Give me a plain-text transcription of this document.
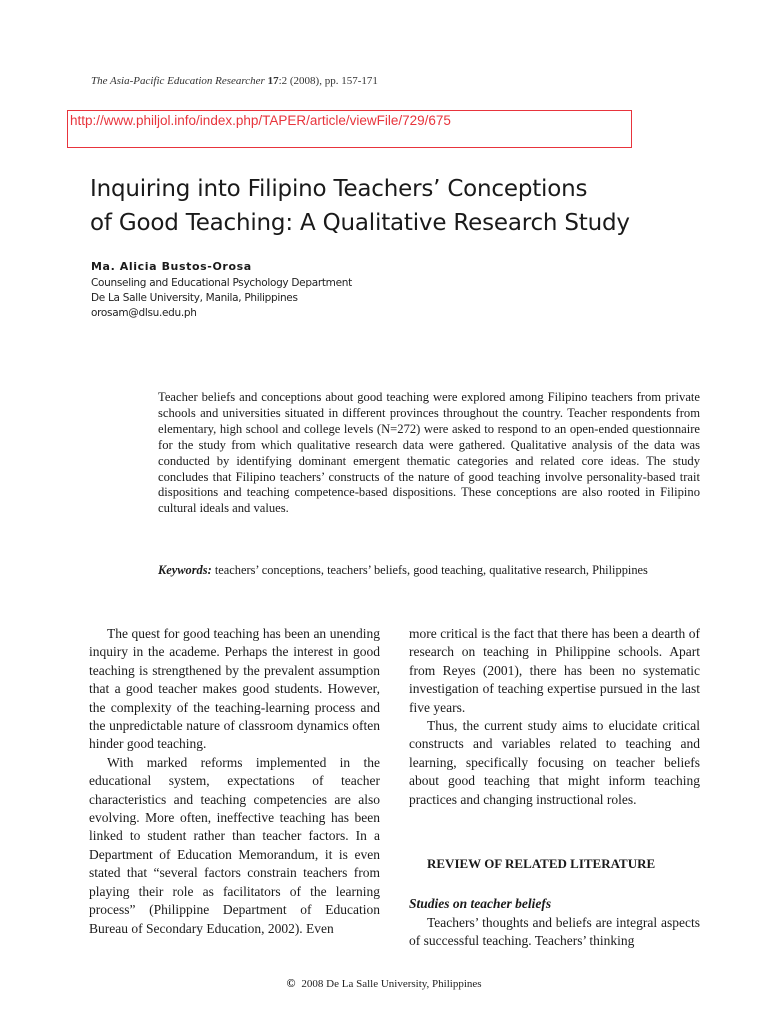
The Asia-Pacific Education Researcher 17:2 (2008), pp. 157-171
http://www.philjol.info/index.php/TAPER/article/viewFile/729/675
Inquiring into Filipino Teachers’ Conceptions
of Good Teaching: A Qualitative Research Study
Ma. Alicia Bustos-Orosa
Counseling and Educational Psychology Department
De La Salle University, Manila, Philippines
orosam@dlsu.edu.ph

Teacher beliefs and conceptions about good teaching were explored among Filipino teachers from private schools and universities situated in different provinces throughout the country. Teacher respondents from elementary, high school and college levels (N=272) were asked to respond to an open-ended questionnaire for the study from which qualitative research data were gathered. Qualitative analysis of the data was conducted by identifying dominant emergent thematic categories and related core ideas. The study concludes that Filipino teachers’ constructs of the nature of good teaching involve personality-based trait dispositions and teaching competence-based dispositions. These conceptions are also rooted in Filipino cultural ideals and values.

Keywords: teachers’ conceptions, teachers’ beliefs, good teaching, qualitative research, Philippines

The quest for good teaching has been an unending inquiry in the academe. Perhaps the interest in good teaching is strengthened by the prevalent assumption that a good teacher makes good students. However, the complexity of the teaching-learning process and the unpredictable nature of classroom dynamics often hinder good teaching.

With marked reforms implemented in the educational system, expectations of teacher characteristics and teaching competencies are also evolving. More often, ineffective teaching has been linked to student rather than teacher factors. In a Department of Education Memorandum, it is even stated that “several factors constrain teachers from playing their role as facilitators of the learning process” (Philippine Department of Education Bureau of Secondary Education, 2002). Even

more critical is the fact that there has been a dearth of research on teaching in Philippine schools. Apart from Reyes (2001), there has been no systematic investigation of teaching expertise pursued in the last five years.

Thus, the current study aims to elucidate critical constructs and variables related to teaching and learning, specifically focusing on teacher beliefs about good teaching that might inform teaching practices and changing instructional roles.

REVIEW OF RELATED LITERATURE

Studies on teacher beliefs

Teachers’ thoughts and beliefs are integral aspects of successful teaching. Teachers’ thinking

© 2008 De La Salle University, Philippines
